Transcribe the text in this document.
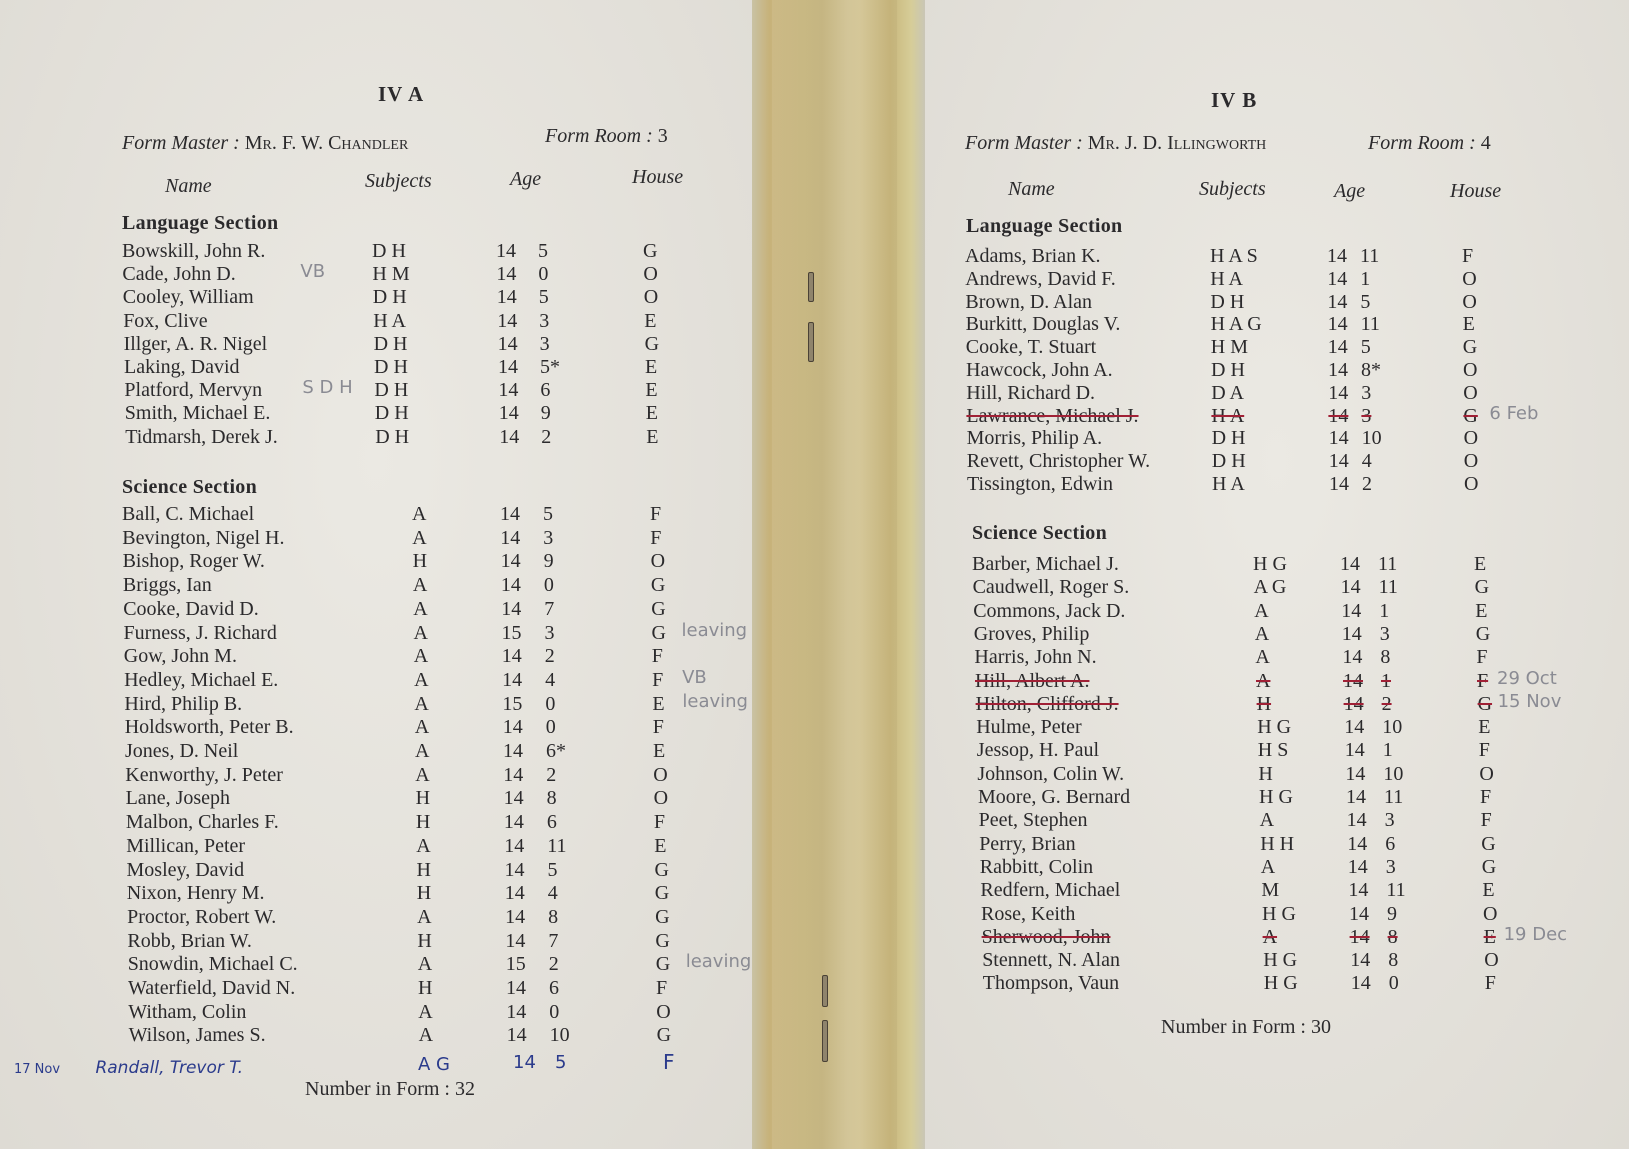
IV A
Form Master : Mr. F. W. Chandler	Form Room : 3
Name	Subjects	Age	House
Language Section
Science Section
Bowskill, John R.	D H	14 5	G
Cade, John D.	H M	14 0	O
VB
Cooley, William	D H	14 5	O
Fox, Clive	H A	14 3	E
Illger, A. R. Nigel	D H	14 3	G
Laking, David	D H	14 5*	E
Platford, Mervyn	D H	14 6	E
S D H
Smith, Michael E.	D H	14 9	E
Tidmarsh, Derek J.	D H	14 2	E
Ball, C. Michael	A	14 5	F
Bevington, Nigel H.	A	14 3	F
Bishop, Roger W.	H	14 9	O
Briggs, Ian	A	14 0	G
Cooke, David D.	A	14 7	G
Furness, J. Richard	A	15 3	G leaving
Gow, John M.	A	14 2	F
Hedley, Michael E.	A	14 4	F VB
Hird, Philip B.	A	15 0	E leaving
Holdsworth, Peter B.	A	14 0	F
Jones, D. Neil	A	14 6*	E
Kenworthy, J. Peter	A	14 2	O
Lane, Joseph	H	14 8	O
Malbon, Charles F.	H	14 6	F
Millican, Peter	A	14 11	E
Mosley, David	H	14 5	G
Nixon, Henry M.	H	14 4	G
Proctor, Robert W.	A	14 8	G
Robb, Brian W.	H	14 7	G
Snowdin, Michael C.	A	15 2	G leaving
Waterfield, David N.	H	14 6	F
Witham, Colin	A	14 0	O
Wilson, James S.	A	14 10	G
17 Nov Randall, Trevor T.	A G	14 5	F
Number in Form : 32
IV B
Form Master : Mr. J. D. Illingworth	Form Room : 4
Name	Subjects	Age	House
Language Section
Science Section
Adams, Brian K.	H A S	14 11	F
Andrews, David F.	H A	14 1	O
Brown, D. Alan	D H	14 5	O
Burkitt, Douglas V.	H A G	14 11	E
Cooke, T. Stuart	H M	14 5	G
Hawcock, John A.	D H	14 8*	O
Hill, Richard D.	D A	14 3	O
Lawrance, Michael J.	H A	14 3	G 6 Feb
Morris, Philip A.	D H	14 10	O
Revett, Christopher W.	D H	14 4	O
Tissington, Edwin	H A	14 2	O
Barber, Michael J.	H G	14 11	E
Caudwell, Roger S.	A G	14 11	G
Commons, Jack D.	A	14 1	E
Groves, Philip	A	14 3	G
Harris, John N.	A	14 8	F
Hill, Albert A.	A	14 1	F 29 Oct
Hilton, Clifford J.	H	14 2	G 15 Nov
Hulme, Peter	H G	14 10	E
Jessop, H. Paul	H S	14 1	F
Johnson, Colin W.	H	14 10	O
Moore, G. Bernard	H G	14 11	F
Peet, Stephen	A	14 3	F
Perry, Brian	H H	14 6	G
Rabbitt, Colin	A	14 3	G
Redfern, Michael	M	14 11	E
Rose, Keith	H G	14 9	O
Sherwood, John	A	14 8	E 19 Dec
Stennett, N. Alan	H G	14 8	O
Thompson, Vaun	H G	14 0	F
Number in Form : 30
